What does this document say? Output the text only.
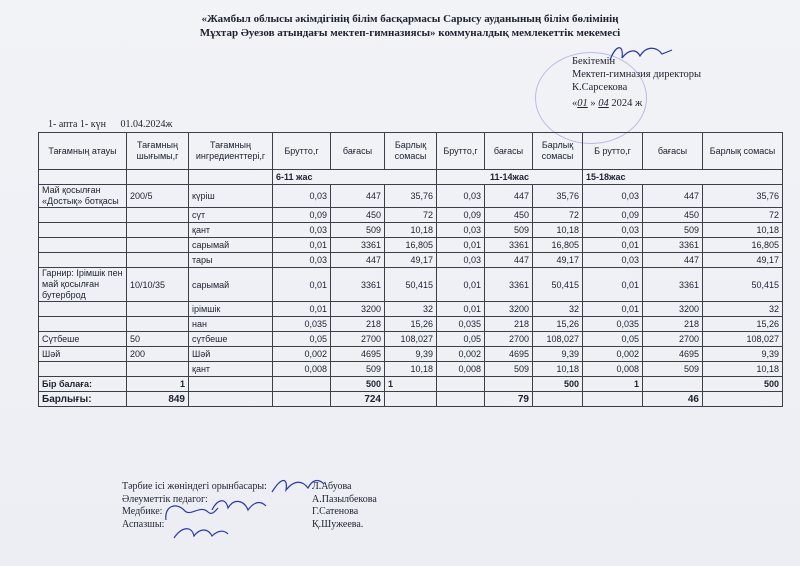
«Жамбыл облысы әкімдігінің білім басқармасы Сарысу ауданының білім бөлімінің
Мұхтар Әуезов атындағы мектеп-гимназиясы» коммуналдық мемлекеттік мекемесі
Бекітемін
Мектеп-гимназия директоры
К.Сарсекова
«01 » 04 2024 ж
1- апта 1- күн 01.04.2024ж
Тағамның атауы	Тағамның шығымы,г	Тағамның ингредиенттері,г	Брутто,г	бағасы	Барлық сомасы	Брутто,г	бағасы	Барлық сомасы	Б рутто,г	бағасы	Барлық сомасы
			6-11 жас			11-14жас			15-18жас		
Май қосылған «Достық» ботқасы	200/5	күріш	0,03	447	35,76	0,03	447	35,76	0,03	447	35,76
		сүт	0,09	450	72	0,09	450	72	0,09	450	72
		қант	0,03	509	10,18	0,03	509	10,18	0,03	509	10,18
		сарымай	0,01	3361	16,805	0,01	3361	16,805	0,01	3361	16,805
		тары	0,03	447	49,17	0,03	447	49,17	0,03	447	49,17
Гарнир: Ірімшік пен май қосылған бутерброд	10/10/35	сарымай	0,01	3361	50,415	0,01	3361	50,415	0,01	3361	50,415
		ірімшік	0,01	3200	32	0,01	3200	32	0,01	3200	32
		нан	0,035	218	15,26	0,035	218	15,26	0,035	218	15,26
Сүтбеше	50	сүтбеше	0,05	2700	108,027	0,05	2700	108,027	0,05	2700	108,027
Шәй	200	Шәй	0,002	4695	9,39	0,002	4695	9,39	0,002	4695	9,39
		қант	0,008	509	10,18	0,008	509	10,18	0,008	509	10,18
Бір балаға:	1			500	1			500	1		500
Барлығы:	849			724			79			46	
Тәрбие ісі жөніндегі орынбасары:	Л.Абуова
Әлеуметтік педагог:	А.Пазылбекова
Медбике:	Г.Сатенова
Аспазшы:	Қ.Шужеева.
